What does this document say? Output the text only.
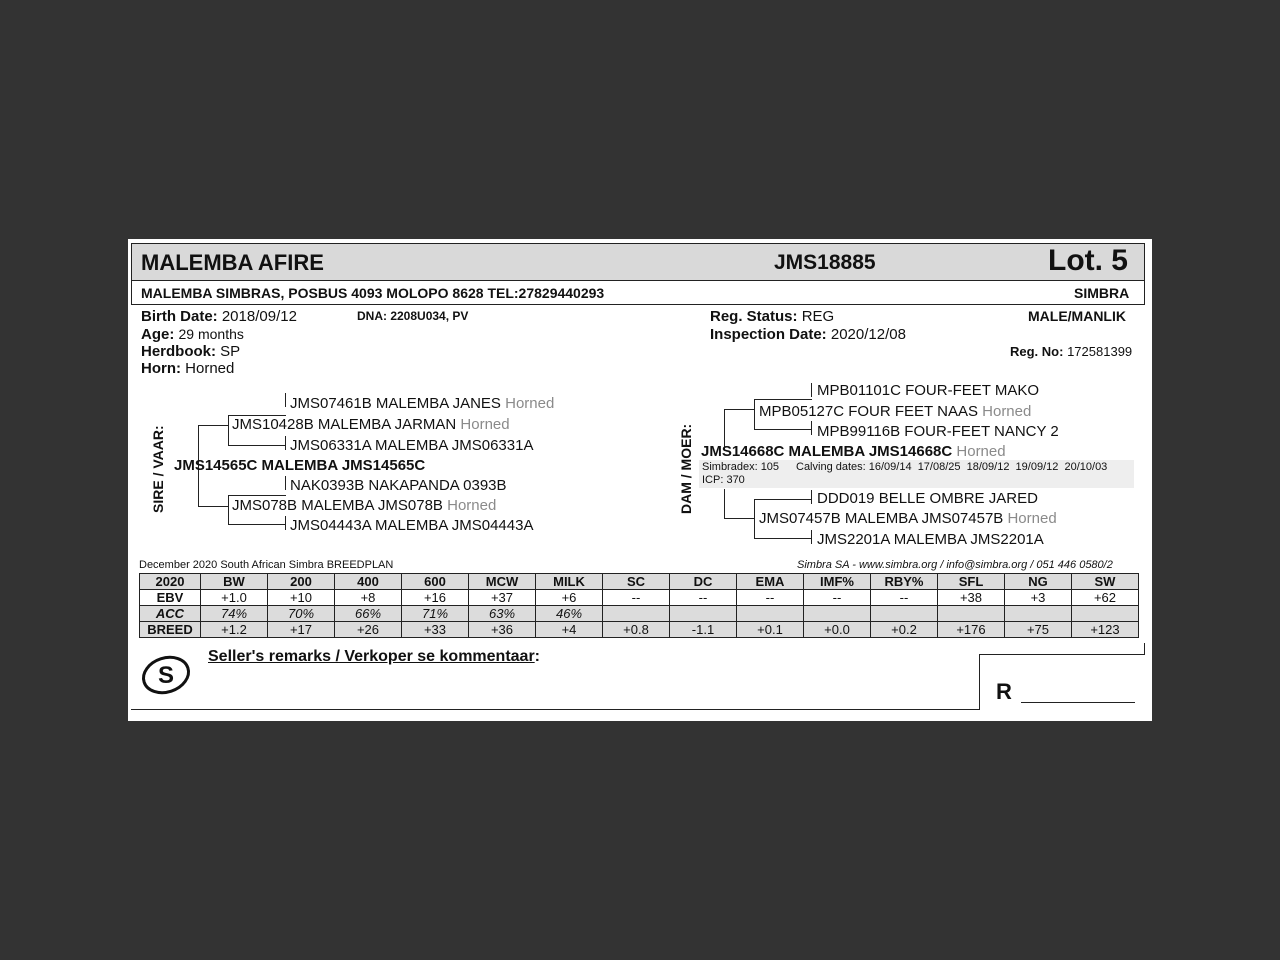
MALEMBA AFIRE	JMS18885	Lot. 5
MALEMBA SIMBRAS, POSBUS 4093 MOLOPO 8628 TEL:27829440293	SIMBRA
Birth Date: 2018/09/12	DNA: 2208U034, PV
Age: 29 months
Herdbook: SP
Horn: Horned
Reg. Status: REG
Inspection Date: 2020/12/08
MALE/MANLIK
Reg. No: 172581399
SIRE / VAAR:
JMS07461B MALEMBA JANES Horned
JMS10428B MALEMBA JARMAN Horned
JMS06331A MALEMBA JMS06331A
JMS14565C MALEMBA JMS14565C
NAK0393B NAKAPANDA 0393B
JMS078B MALEMBA JMS078B Horned
JMS04443A MALEMBA JMS04443A
DAM / MOER:
MPB01101C FOUR-FEET MAKO
MPB05127C FOUR FEET NAAS Horned
MPB99116B FOUR-FEET NANCY 2
JMS14668C MALEMBA JMS14668C Horned
Simbradex: 105 Calving dates: 16/09/14  17/08/25  18/09/12  19/09/12  20/10/03
ICP: 370
DDD019 BELLE OMBRE JARED
JMS07457B MALEMBA JMS07457B Horned
JMS2201A MALEMBA JMS2201A
December 2020 South African Simbra BREEDPLAN	Simbra SA - www.simbra.org / info@simbra.org / 051 446 0580/2
2020	BW	200	400	600	MCW	MILK	SC	DC	EMA	IMF%	RBY%	SFL	NG	SW
EBV	+1.0	+10	+8	+16	+37	+6	--	--	--	--	--	+38	+3	+62
ACC	74%	70%	66%	71%	63%	46%								
BREED	+1.2	+17	+26	+33	+36	+4	+0.8	-1.1	+0.1	+0.0	+0.2	+176	+75	+123
S
Seller's remarks / Verkoper se kommentaar:
R
